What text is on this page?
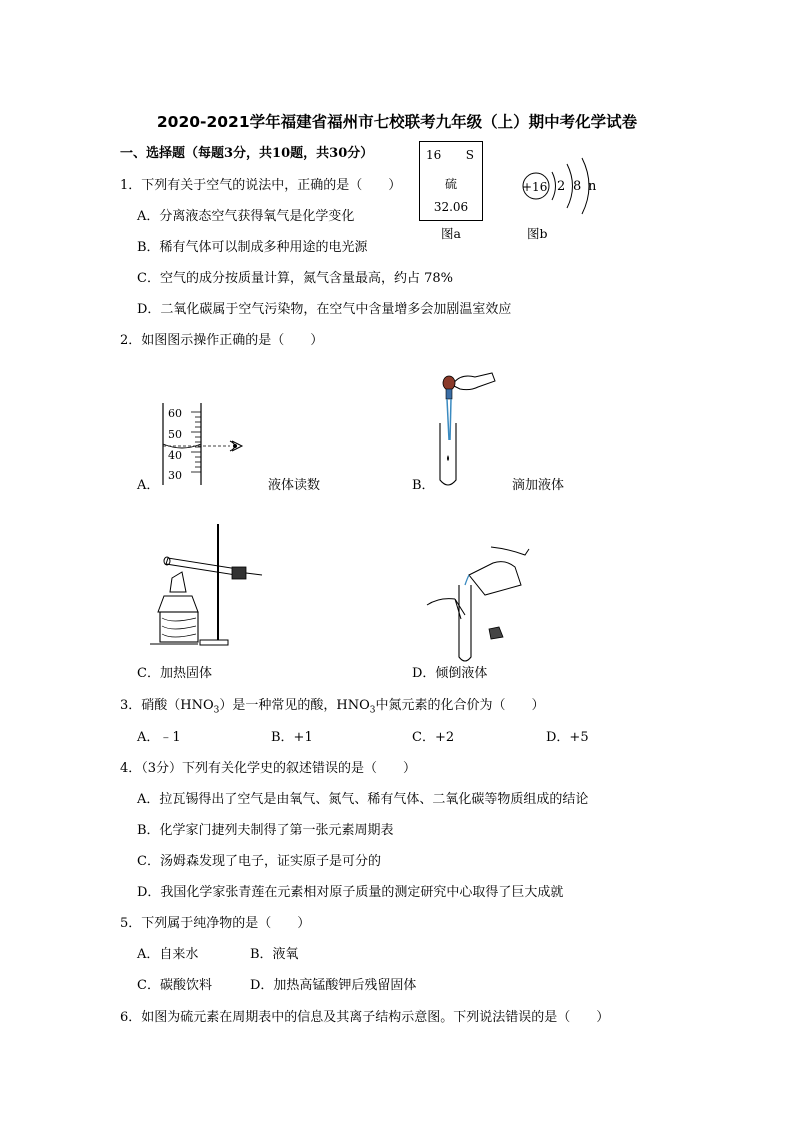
2020-2021学年福建省福州市七校联考九年级（上）期中考化学试卷
一、选择题（每题3分，共10题，共30分）	16 S
硫
32.06
图a
+16 2 8 n
图b
1．下列有关于空气的说法中，正确的是（　　）
A．分离液态空气获得氧气是化学变化
B．稀有气体可以制成多种用途的电光源
C．空气的成分按质量计算，氮气含量最高，约占 78%
D．二氧化碳属于空气污染物，在空气中含量增多会加剧温室效应
2．如图图示操作正确的是（　　）
60
50
40
30
A．	液体读数	B．	滴加液体
C．加热固体	D．倾倒液体
3．硝酸$(HNO_3)$是一种常见的酸，$HNO_3$中氮元素的化合价为（　　）
A．﹣1	B．+1	C．+2	D．+5
4．（3分）下列有关化学史的叙述错误的是（　　）
A．拉瓦锡得出了空气是由氧气、氮气、稀有气体、二氧化碳等物质组成的结论
B．化学家门捷列夫制得了第一张元素周期表
C．汤姆森发现了电子，证实原子是可分的
D．我国化学家张青莲在元素相对原子质量的测定研究中心取得了巨大成就
5．下列属于纯净物的是（　　）
A．自来水	B．液氧
C．碳酸饮料	D．加热高锰酸钾后残留固体
6．如图为硫元素在周期表中的信息及其离子结构示意图。下列说法错误的是（　　）
